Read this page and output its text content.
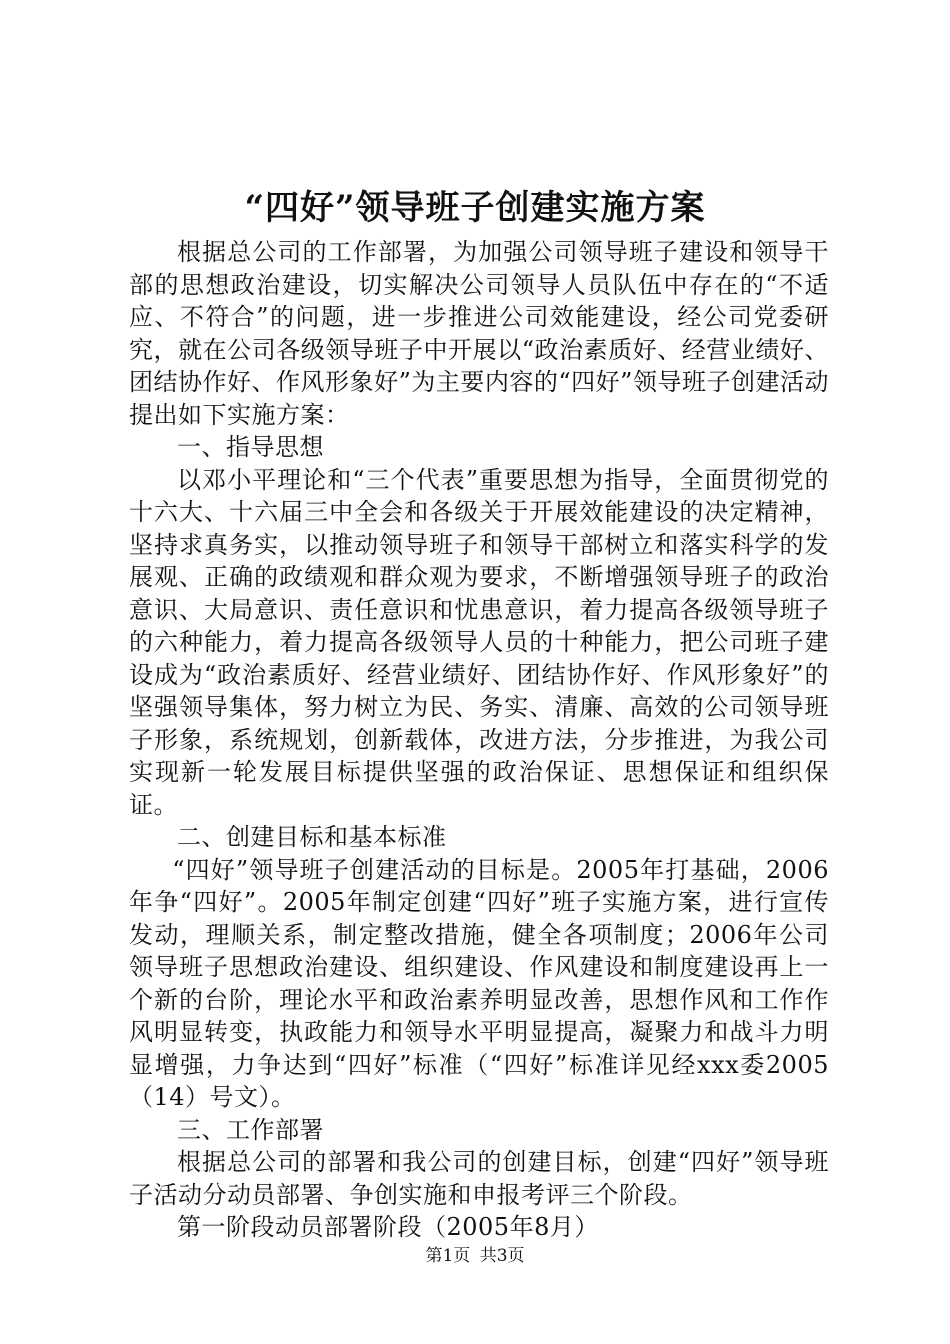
“四好”领导班子创建实施方案

根据总公司的工作部署，为加强公司领导班子建设和领导干部的思想政治建设，切实解决公司领导人员队伍中存在的“不适应、不符合”的问题，进一步推进公司效能建设，经公司党委研究，就在公司各级领导班子中开展以“政治素质好、经营业绩好、团结协作好、作风形象好”为主要内容的“四好”领导班子创建活动提出如下实施方案：

一、指导思想

以邓小平理论和“三个代表”重要思想为指导，全面贯彻党的十六大、十六届三中全会和各级关于开展效能建设的决定精神，坚持求真务实，以推动领导班子和领导干部树立和落实科学的发展观、正确的政绩观和群众观为要求，不断增强领导班子的政治意识、大局意识、责任意识和忧患意识，着力提高各级领导班子的六种能力，着力提高各级领导人员的十种能力，把公司班子建设成为“政治素质好、经营业绩好、团结协作好、作风形象好”的坚强领导集体，努力树立为民、务实、清廉、高效的公司领导班子形象，系统规划，创新载体，改进方法，分步推进，为我公司实现新一轮发展目标提供坚强的政治保证、思想保证和组织保证。

二、创建目标和基本标准

“四好”领导班子创建活动的目标是。2005年打基础，2006年争“四好”。2005年制定创建“四好”班子实施方案，进行宣传发动，理顺关系，制定整改措施，健全各项制度；2006年公司领导班子思想政治建设、组织建设、作风建设和制度建设再上一个新的台阶，理论水平和政治素养明显改善，思想作风和工作作风明显转变，执政能力和领导水平明显提高，凝聚力和战斗力明显增强，力争达到“四好”标准（“四好”标准详见经xxx委2005（14）号文）。

三、工作部署

根据总公司的部署和我公司的创建目标，创建“四好”领导班子活动分动员部署、争创实施和申报考评三个阶段。

第一阶段动员部署阶段（2005年8月）

第1页 共3页
